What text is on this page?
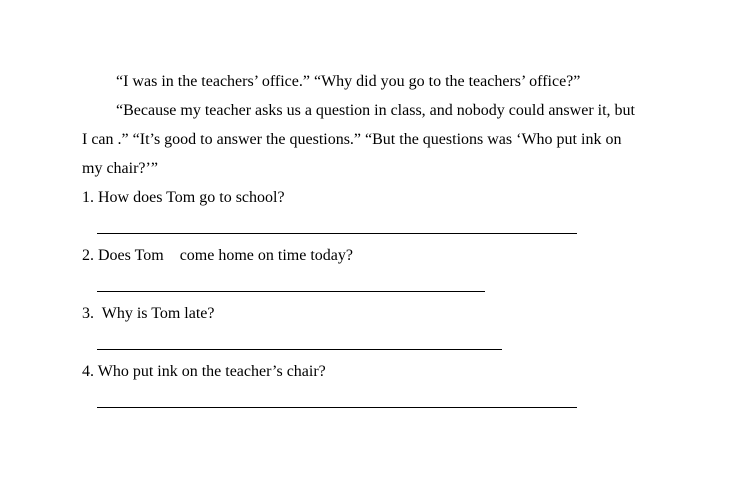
“I was in the teachers’ office.” “Why did you go to the teachers’ office?”
“Because my teacher asks us a question in class, and nobody could answer it, but
I can .” “It’s good to answer the questions.” “But the questions was ‘Who put ink on
my chair?’”
1. How does Tom go to school?
2. Does Tom    come home on time today?
3.  Why is Tom late?
4. Who put ink on the teacher’s chair?
